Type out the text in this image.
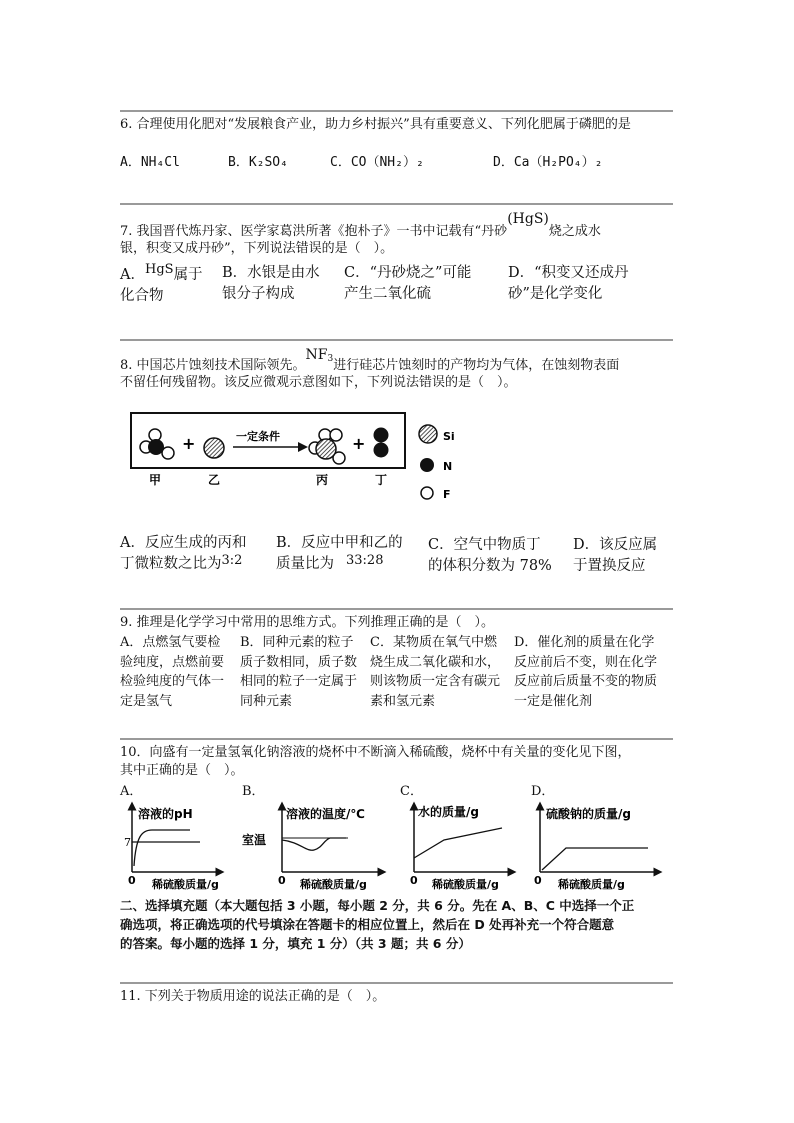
6. 合理使用化肥对“发展粮食产业，助力乡村振兴”具有重要意义、下列化肥属于磷肥的是
A．NH₄Cl	B．K₂SO₄	C．CO（NH₂）₂	D．Ca（H₂PO₄）₂
7. 我国晋代炼丹家、医学家葛洪所著《抱朴子》一书中记载有“丹砂(HgS)烧之成水
银，积变又成丹砂”，下列说法错误的是（　）。
A．HgS属于
化合物
B．水银是由水
银分子构成
C．“丹砂烧之”可能
产生二氧化硫
D．“积变又还成丹
砂”是化学变化
8. 中国芯片蚀刻技术国际领先。$NF_3$进行硅芯片蚀刻时的产物均为气体，在蚀刻物表面
不留任何残留物。该反应微观示意图如下，下列说法错误的是（　）。
+	一定条件	+
甲	乙	丙	丁
Si
N
F
A．反应生成的丙和
丁微粒数之比为3:2
B．反应中甲和乙的
质量比为 33:28
C．空气中物质丁
的体积分数为 78%
D．该反应属
于置换反应
9. 推理是化学学习中常用的思维方式。下列推理正确的是（　）。
A．点燃氢气要检
验纯度，点燃前要
检验纯度的气体一
定是氢气
B．同种元素的粒子
质子数相同，质子数
相同的粒子一定属于
同种元素
C．某物质在氧气中燃
烧生成二氧化碳和水，
则该物质一定含有碳元
素和氢元素
D．催化剂的质量在化学
反应前后不变，则在化学
反应前后质量不变的物质
一定是催化剂
10．向盛有一定量氢氧化钠溶液的烧杯中不断滴入稀硫酸，烧杯中有关量的变化见下图，
其中正确的是（　）。
A．	B．	C．	D．
溶液的pH
7
0 稀硫酸质量/g
溶液的温度/℃
室温
0 稀硫酸质量/g
水的质量/g
0 稀硫酸质量/g
硫酸钠的质量/g
0 稀硫酸质量/g
二、选择填充题（本大题包括 3 小题，每小题 2 分，共 6 分。先在 A、B、C 中选择一个正
确选项，将正确选项的代号填涂在答题卡的相应位置上，然后在 D 处再补充一个符合题意
的答案。每小题的选择 1 分，填充 1 分）（共 3 题；共 6 分）
11. 下列关于物质用途的说法正确的是（　）。
